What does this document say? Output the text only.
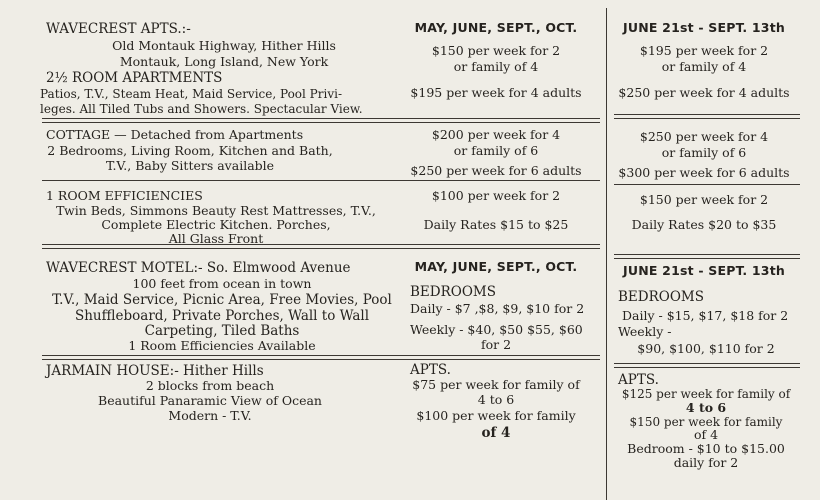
MAY, JUNE, SEPT., OCT.	JUNE 21st - SEPT. 13th
MAY, JUNE, SEPT., OCT.	JUNE 21st - SEPT. 13th
WAVECREST APTS.:-
Old Montauk Highway, Hither Hills
Montauk, Long Island, New York
2½ ROOM APARTMENTS
Patios, T.V., Steam Heat, Maid Service, Pool Privi-
leges. All Tiled Tubs and Showers. Spectacular View.
$150 per week for 2
or family of 4
$195 per week for 4 adults
$195 per week for 2
or family of 4
$250 per week for 4 adults
COTTAGE — Detached from Apartments
2 Bedrooms, Living Room, Kitchen and Bath,
T.V., Baby Sitters available
$200 per week for 4
or family of 6
$250 per week for 6 adults
$250 per week for 4
or family of 6
$300 per week for 6 adults
1 ROOM EFFICIENCIES
Twin Beds, Simmons Beauty Rest Mattresses, T.V.,
Complete Electric Kitchen. Porches,
All Glass Front
$100 per week for 2
Daily Rates $15 to $25
$150 per week for 2
Daily Rates $20 to $35
WAVECREST MOTEL:- So. Elmwood Avenue
100 feet from ocean in town
T.V., Maid Service, Picnic Area, Free Movies, Pool
Shuffleboard, Private Porches, Wall to Wall
Carpeting, Tiled Baths
1 Room Efficiencies Available
BEDROOMS
Daily - $7 ,$8, $9, $10 for 2
Weekly - $40, $50 $55, $60
for 2
BEDROOMS
Daily - $15, $17, $18 for 2
Weekly -
$90, $100, $110 for 2
JARMAIN HOUSE:- Hither Hills
2 blocks from beach
Beautiful Panaramic View of Ocean
Modern - T.V.
APTS.
$75 per week for family of
4 to 6
$100 per week for family
of 4
APTS.
$125 per week for family of
4 to 6
$150 per week for family
of 4
Bedroom - $10 to $15.00
daily for 2
